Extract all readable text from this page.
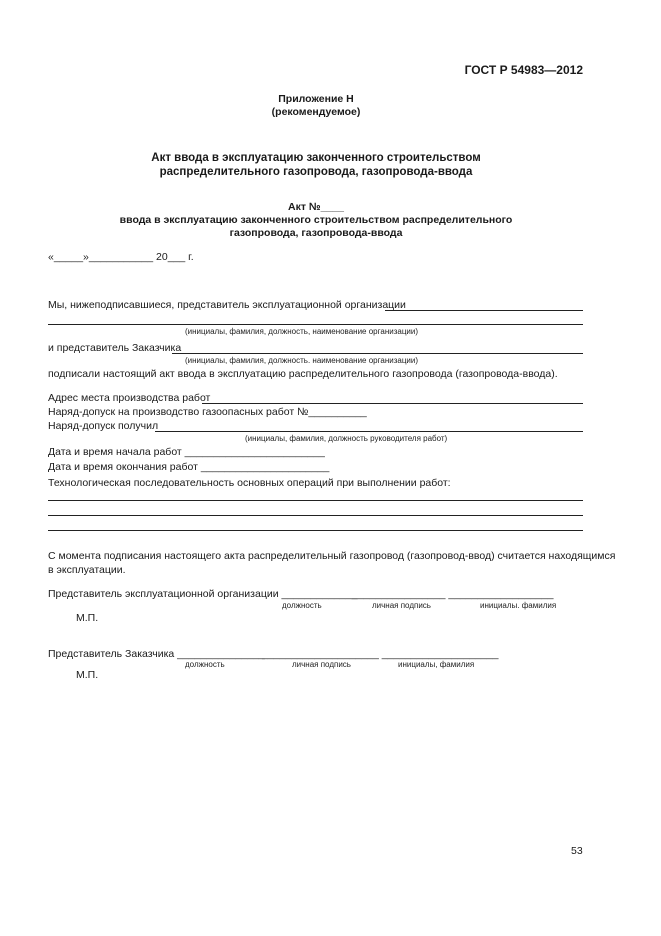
ГОСТ Р 54983—2012
Приложение Н
(рекомендуемое)
Акт ввода в эксплуатацию законченного строительством
распределительного газопровода, газопровода-ввода
Акт №____
ввода в эксплуатацию законченного строительством распределительного
газопровода, газопровода-ввода
«_____»___________ 20___ г.
Мы, нижеподписавшиеся, представитель эксплуатационной организации
(инициалы, фамилия, должность, наименование организации)
и представитель Заказчика
(инициалы, фамилия, должность. наименование организации)
подписали настоящий акт ввода в эксплуатацию распределительного газопровода (газопровода-ввода).
Адрес места производства работ
Наряд-допуск на производство газоопасных работ №__________
Наряд-допуск получил
(инициалы, фамилия, должность руководителя работ)
Дата и время начала работ ________________________
Дата и время окончания работ ______________________
Технологическая последовательность основных операций при выполнении работ:
С момента подписания настоящего акта распределительный газопровод (газопровод-ввод) считается находящимся
в эксплуатации.
Представитель эксплуатационной организации _____________
________________ __________________
должность	личная подпись	инициалы. фамилия
М.П.
Представитель Заказчика _______________
____________________ ____________________
должность	личная подпись	инициалы, фамилия
М.П.
53
